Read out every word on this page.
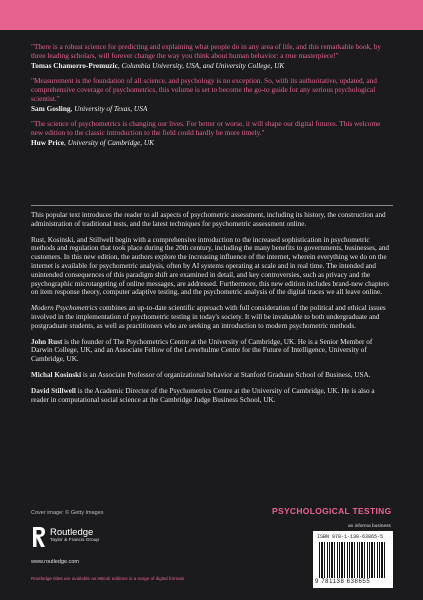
"There is a robust science for predicting and explaining what people do in any area of life, and this remarkable book, by three leading scholars, will forever change the way you think about human behavior: a true masterpiece!"

Tomas Chamorro-Premuzic, Columbia University, USA, and University College, UK

"Measurement is the foundation of all science, and psychology is no exception. So, with its authoritative, updated, and comprehensive coverage of psychometrics, this volume is set to become the go-to guide for any serious psychological scientist."

Sam Gosling, University of Texas, USA

"The science of psychometrics is changing our lives. For better or worse, it will shape our digital futures. This welcome new edition to the classic introduction to the field could hardly be more timely."

Huw Price, University of Cambridge, UK

This popular text introduces the reader to all aspects of psychometric assessment, including its history, the construction and administration of traditional tests, and the latest techniques for psychometric assessment online.

Rust, Kosinski, and Stillwell begin with a comprehensive introduction to the increased sophistication in psychometric methods and regulation that took place during the 20th century, including the many benefits to governments, businesses, and customers. In this new edition, the authors explore the increasing influence of the internet, wherein everything we do on the internet is available for psychometric analysis, often by AI systems operating at scale and in real time. The intended and unintended consequences of this paradigm shift are examined in detail, and key controversies, such as privacy and the psychographic microtargeting of online messages, are addressed. Furthermore, this new edition includes brand-new chapters on item response theory, computer adaptive testing, and the psychometric analysis of the digital traces we all leave online.

Modern Psychometrics combines an up-to-date scientific approach with full consideration of the political and ethical issues involved in the implementation of psychometric testing in today's society. It will be invaluable to both undergraduate and postgraduate students, as well as practitioners who are seeking an introduction to modern psychometric methods.

John Rust is the founder of The Psychometrics Centre at the University of Cambridge, UK. He is a Senior Member of Darwin College, UK, and an Associate Fellow of the Leverhulme Centre for the Future of Intelligence, University of Cambridge, UK.

Michal Kosinski is an Associate Professor of organizational behavior at Stanford Graduate School of Business, USA.

David Stillwell is the Academic Director of the Psychometrics Centre at the University of Cambridge, UK. He is also a reader in computational social science at the Cambridge Judge Business School, UK.

Cover image: © Getty Images	PSYCHOLOGICAL TESTING
Routledge
Taylor & Francis Group
www.routledge.com
Routledge titles are available as eBook editions in a range of digital formats
an informa business
ISBN 978-1-138-63865-5
9 781138 638655
